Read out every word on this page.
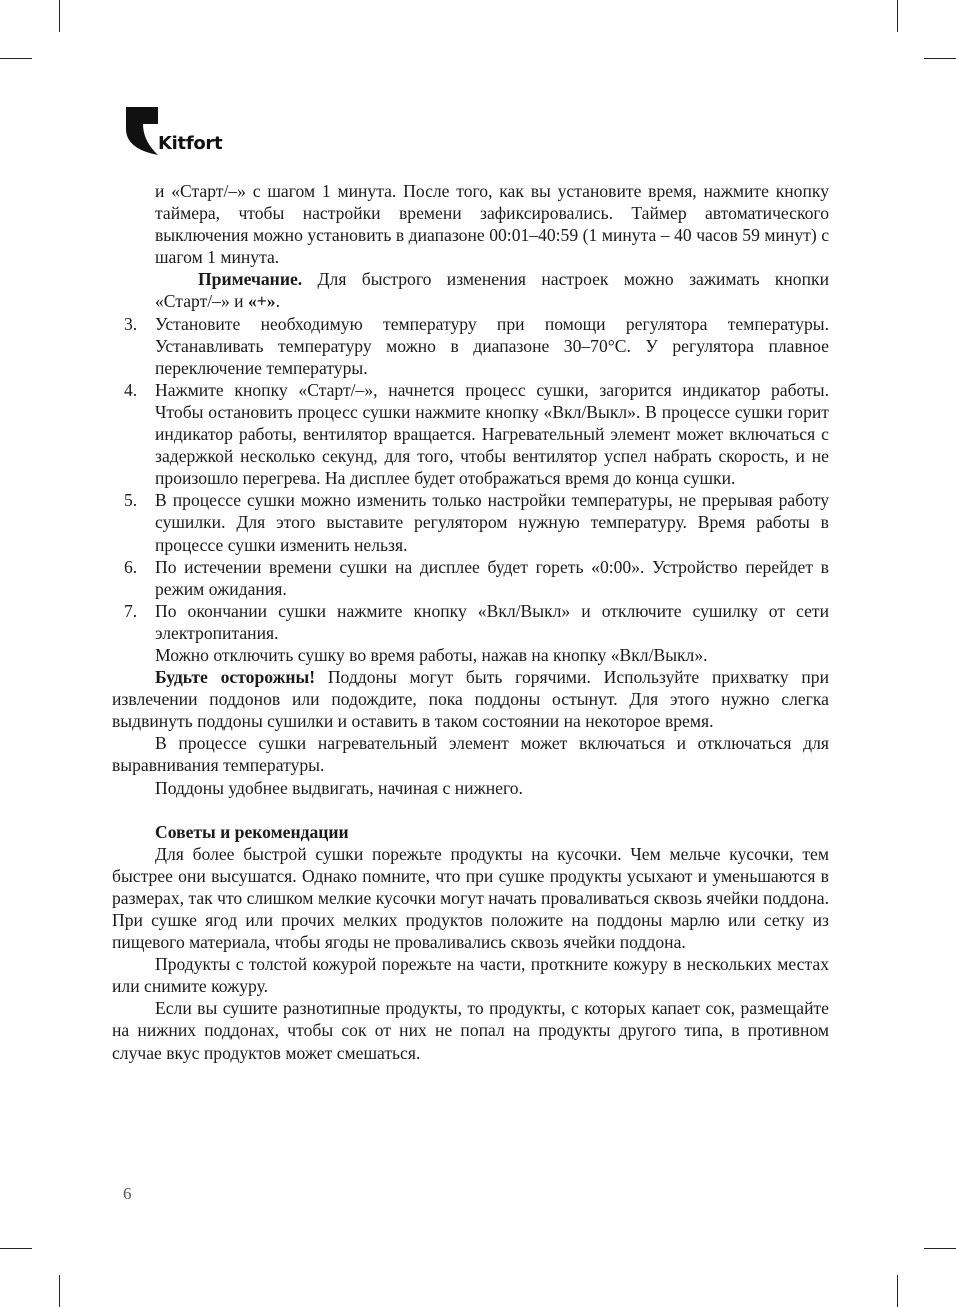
Kitfort

и «Старт/–» с шагом 1 минута. После того, как вы установите время, нажмите кнопку таймера, чтобы настройки времени зафиксировались. Таймер автоматического выключения можно установить в диапазоне 00:01–40:59 (1 минута – 40 часов 59 минут) с шагом 1 минута.

Примечание. Для быстрого изменения настроек можно зажимать кнопки «Старт/–» и «+».

3. Установите необходимую температуру при помощи регулятора температуры. Устанавливать температуру можно в диапазоне 30–70°С. У регулятора плавное переключение температуры.
4. Нажмите кнопку «Старт/–», начнется процесс сушки, загорится индикатор работы. Чтобы остановить процесс сушки нажмите кнопку «Вкл/Выкл». В процессе сушки горит индикатор работы, вентилятор вращается. Нагревательный элемент может включаться с задержкой несколько секунд, для того, чтобы вентилятор успел набрать скорость, и не произошло перегрева. На дисплее будет отображаться время до конца сушки.
5. В процессе сушки можно изменить только настройки температуры, не прерывая работу сушилки. Для этого выставите регулятором нужную температуру. Время работы в процессе сушки изменить нельзя.
6. По истечении времени сушки на дисплее будет гореть «0:00». Устройство перейдет в режим ожидания.
7. По окончании сушки нажмите кнопку «Вкл/Выкл» и отключите сушилку от сети электропитания.

Можно отключить сушку во время работы, нажав на кнопку «Вкл/Выкл».

Будьте осторожны! Поддоны могут быть горячими. Используйте прихватку при извлечении поддонов или подождите, пока поддоны остынут. Для этого нужно слегка выдвинуть поддоны сушилки и оставить в таком состоянии на некоторое время.

В процессе сушки нагревательный элемент может включаться и отключаться для выравнивания температуры.

Поддоны удобнее выдвигать, начиная с нижнего.

Советы и рекомендации

Для более быстрой сушки порежьте продукты на кусочки. Чем мельче кусочки, тем быстрее они высушатся. Однако помните, что при сушке продукты усыхают и уменьшаются в размерах, так что слишком мелкие кусочки могут начать проваливаться сквозь ячейки поддона. При сушке ягод или прочих мелких продуктов положите на поддоны марлю или сетку из пищевого материала, чтобы ягоды не проваливались сквозь ячейки поддона.

Продукты с толстой кожурой порежьте на части, проткните кожуру в нескольких местах или снимите кожуру.

Если вы сушите разнотипные продукты, то продукты, с которых капает сок, размещайте на нижних поддонах, чтобы сок от них не попал на продукты другого типа, в противном случае вкус продуктов может смешаться.

6
